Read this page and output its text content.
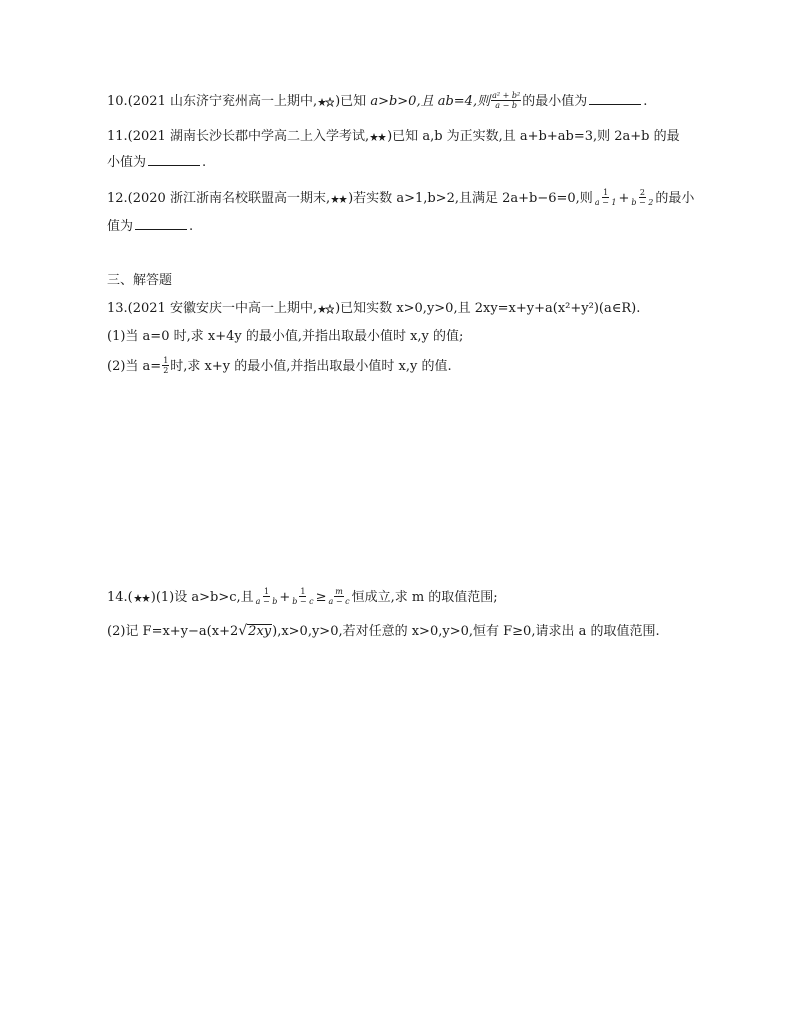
10.(2021 山东济宁兖州高一上期中, )已知 a>b>0,且 ab=4,则 $\frac{\text{a² + b²}}{a - b}$ 的最小值为	.
11.(2021 湖南长沙长郡中学高二上入学考试, )已知 a,b 为正实数,且 a+b+ab=3,则 2a+b 的最
小值为	.
12.(2020 浙江浙南名校联盟高一期末, )若实数 a>1,b>2,且满足 2a+b−6=0,则 $\frac{1}{a - 1} + \frac{2}{b - 2}$ 的最小
值为	.
三、解答题
13.(2021 安徽安庆一中高一上期中, )已知实数 x>0,y>0,且 2xy=x+y+a(x²+y²)(a∈R).
(1)当 a=0 时,求 x+4y 的最小值,并指出取最小值时 x,y 的值;
(2)当 $a= \frac{1}{2}$ 时,求 x+y 的最小值,并指出取最小值时 x,y 的值.
14.( )(1)设 a>b>c,且 $\frac{1}{a - b} + \frac{1}{b - c} \ge \frac{m}{a - c}$ 恒成立,求 m 的取值范围;
(2)记 F=x+y−a(x+2√2xy),x>0,y>0,若对任意的 x>0,y>0,恒有 F≥0,请求出 a 的取值范围.
